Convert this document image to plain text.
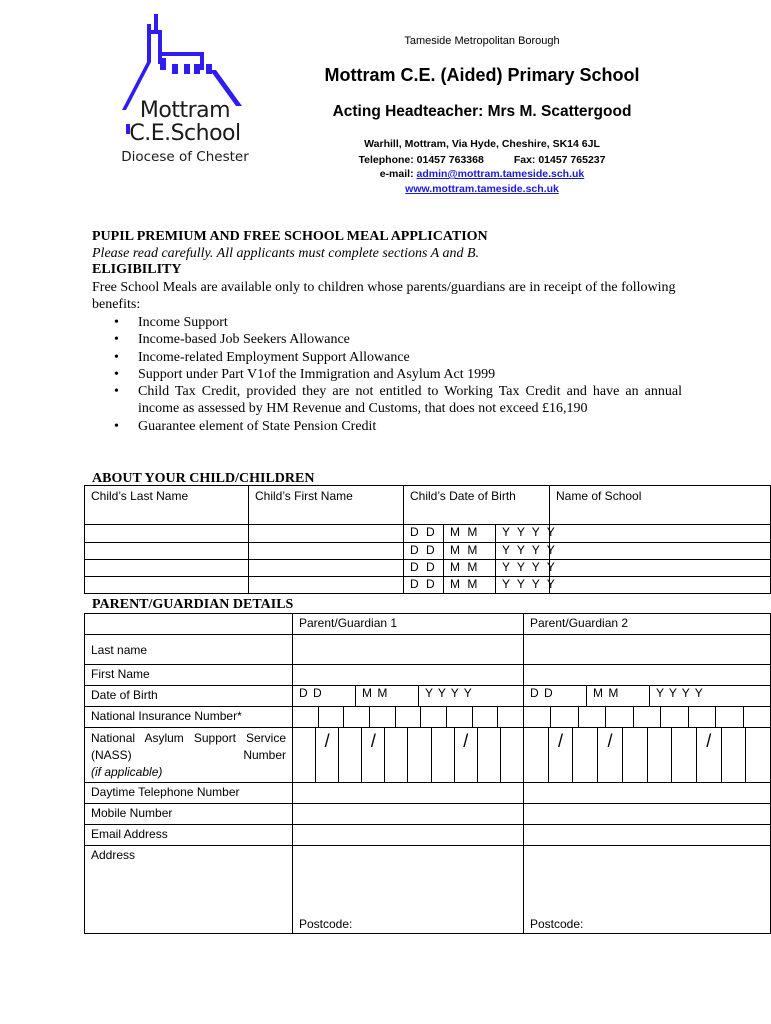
Mottram
C.E.School
Diocese of Chester
Tameside Metropolitan Borough
Mottram C.E. (Aided) Primary School
Acting Headteacher: Mrs M. Scattergood
Warhill, Mottram, Via Hyde, Cheshire, SK14 6JL
Telephone: 01457 763368	Fax: 01457 765237
e-mail: admin@mottram.tameside.sch.uk
www.mottram.tameside.sch.uk
PUPIL PREMIUM AND FREE SCHOOL MEAL APPLICATION
Please read carefully. All applicants must complete sections A and B.
ELIGIBILITY
Free School Meals are available only to children whose parents/guardians are in receipt of the following benefits:
• Income Support
• Income-based Job Seekers Allowance
• Income-related Employment Support Allowance
• Support under Part V1of the Immigration and Asylum Act 1999
• Child Tax Credit, provided they are not entitled to Working Tax Credit and have an annual income as assessed by HM Revenue and Customs, that does not exceed £16,190
• Guarantee element of State Pension Credit
ABOUT YOUR CHILD/CHILDREN
Child’s Last Name	Child’s First Name	Child’s Date of Birth			Name of School
		D D	M M	Y Y Y Y	
		D D	M M	Y Y Y Y	
		D D	M M	Y Y Y Y	
		D D	M M	Y Y Y Y	
PARENT/GUARDIAN DETAILS
	Parent/Guardian 1	Parent/Guardian 2
Last name		
First Name		
Date of Birth	D D M M Y Y Y Y	D D M M Y Y Y Y

National Insurance Number*	

National Asylum Support Service (NASS) Number
(if applicable)	/ / /	/ / /

Daytime Telephone Number		
Mobile Number		
Email Address		
Address	Postcode:	Postcode:
